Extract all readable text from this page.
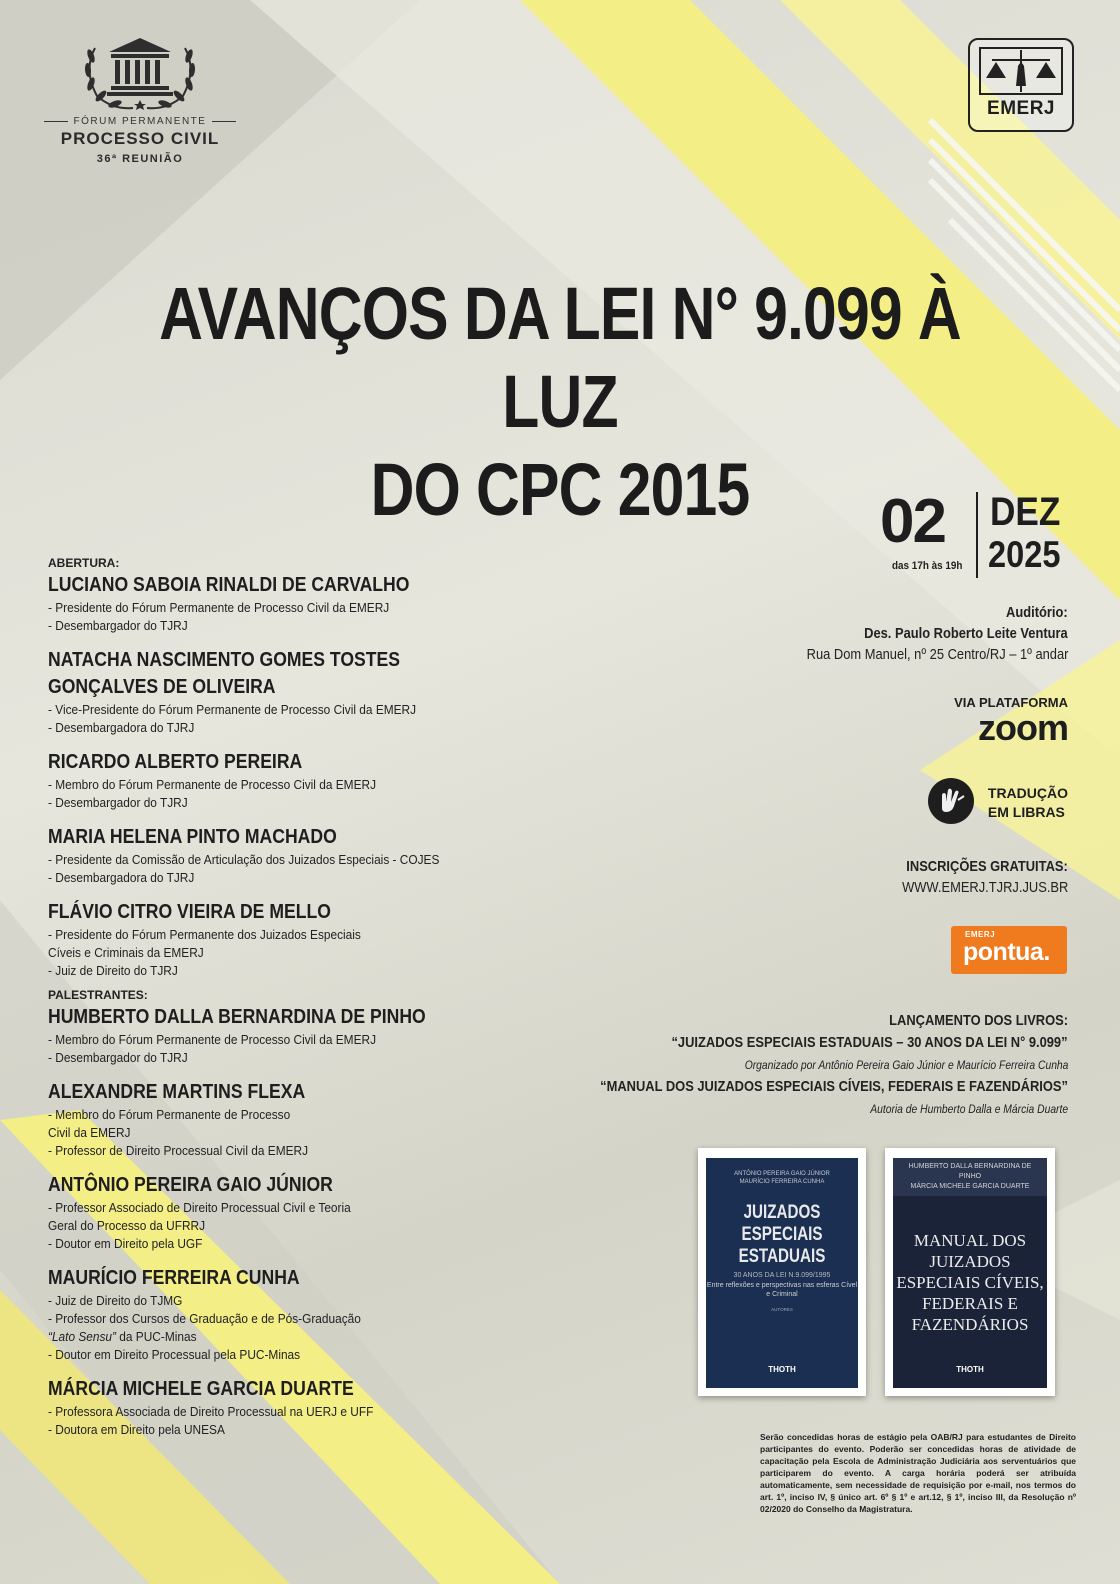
FÓRUM PERMANENTE
PROCESSO CIVIL
36ª REUNIÃO
EMERJ
AVANÇOS DA LEI N° 9.099 À LUZ
DO CPC 2015	02
das 17h às 19h
DEZ
2025
Auditório:
Des. Paulo Roberto Leite Ventura
Rua Dom Manuel, nº 25 Centro/RJ – 1º andar
VIA PLATAFORMA
zoom
TRADUÇÃO
EM LIBRAS
INSCRIÇÕES GRATUITAS:
WWW.EMERJ.TJRJ.JUS.BR
EMERJ
pontua.
LANÇAMENTO DOS LIVROS:
“JUIZADOS ESPECIAIS ESTADUAIS – 30 ANOS DA LEI N° 9.099”
Organizado por Antônio Pereira Gaio Júnior e Maurício Ferreira Cunha
“MANUAL DOS JUIZADOS ESPECIAIS CÍVEIS, FEDERAIS E FAZENDÁRIOS”
Autoria de Humberto Dalla e Márcia Duarte
ANTÔNIO PEREIRA GAIO JÚNIOR
MAURÍCIO FERREIRA CUNHA
JUIZADOS ESPECIAIS ESTADUAIS
30 ANOS DA LEI N.9.099/1995
Entre reflexões e perspectivas nas esferas Cível e Criminal
AUTORES
THOTH
HUMBERTO DALLA BERNARDINA DE PINHO
MÁRCIA MICHELE GARCIA DUARTE
MANUAL DOS JUIZADOS ESPECIAIS CÍVEIS, FEDERAIS E FAZENDÁRIOS
THOTH
Serão concedidas horas de estágio pela OAB/RJ para estudantes de Direito participantes do evento. Poderão ser concedidas horas de atividade de capacitação pela Escola de Administração Judiciária aos serventuários que participarem do evento. A carga horária poderá ser atribuída automaticamente, sem necessidade de requisição por e-mail, nos termos do art. 1º, inciso IV, § único art. 6º § 1º e art.12, § 1º, inciso III, da Resolução nº 02/2020 do Conselho da Magistratura.
ABERTURA:
LUCIANO SABOIA RINALDI DE CARVALHO
- Presidente do Fórum Permanente de Processo Civil da EMERJ
- Desembargador do TJRJ
NATACHA NASCIMENTO GOMES TOSTES
GONÇALVES DE OLIVEIRA
- Vice-Presidente do Fórum Permanente de Processo Civil da EMERJ
- Desembargadora do TJRJ
RICARDO ALBERTO PEREIRA
- Membro do Fórum Permanente de Processo Civil da EMERJ
- Desembargador do TJRJ
MARIA HELENA PINTO MACHADO
- Presidente da Comissão de Articulação dos Juizados Especiais - COJES
- Desembargadora do TJRJ
FLÁVIO CITRO VIEIRA DE MELLO
- Presidente do Fórum Permanente dos Juizados Especiais
Cíveis e Criminais da EMERJ
- Juiz de Direito do TJRJ
PALESTRANTES:
HUMBERTO DALLA BERNARDINA DE PINHO
- Membro do Fórum Permanente de Processo Civil da EMERJ
- Desembargador do TJRJ
ALEXANDRE MARTINS FLEXA
- Membro do Fórum Permanente de Processo
Civil da EMERJ
- Professor de Direito Processual Civil da EMERJ
ANTÔNIO PEREIRA GAIO JÚNIOR
- Professor Associado de Direito Processual Civil e Teoria
Geral do Processo da UFRRJ
- Doutor em Direito pela UGF
MAURÍCIO FERREIRA CUNHA
- Juiz de Direito do TJMG
- Professor dos Cursos de Graduação e de Pós-Graduação
“Lato Sensu” da PUC-Minas
- Doutor em Direito Processual pela PUC-Minas
MÁRCIA MICHELE GARCIA DUARTE
- Professora Associada de Direito Processual na UERJ e UFF
- Doutora em Direito pela UNESA
